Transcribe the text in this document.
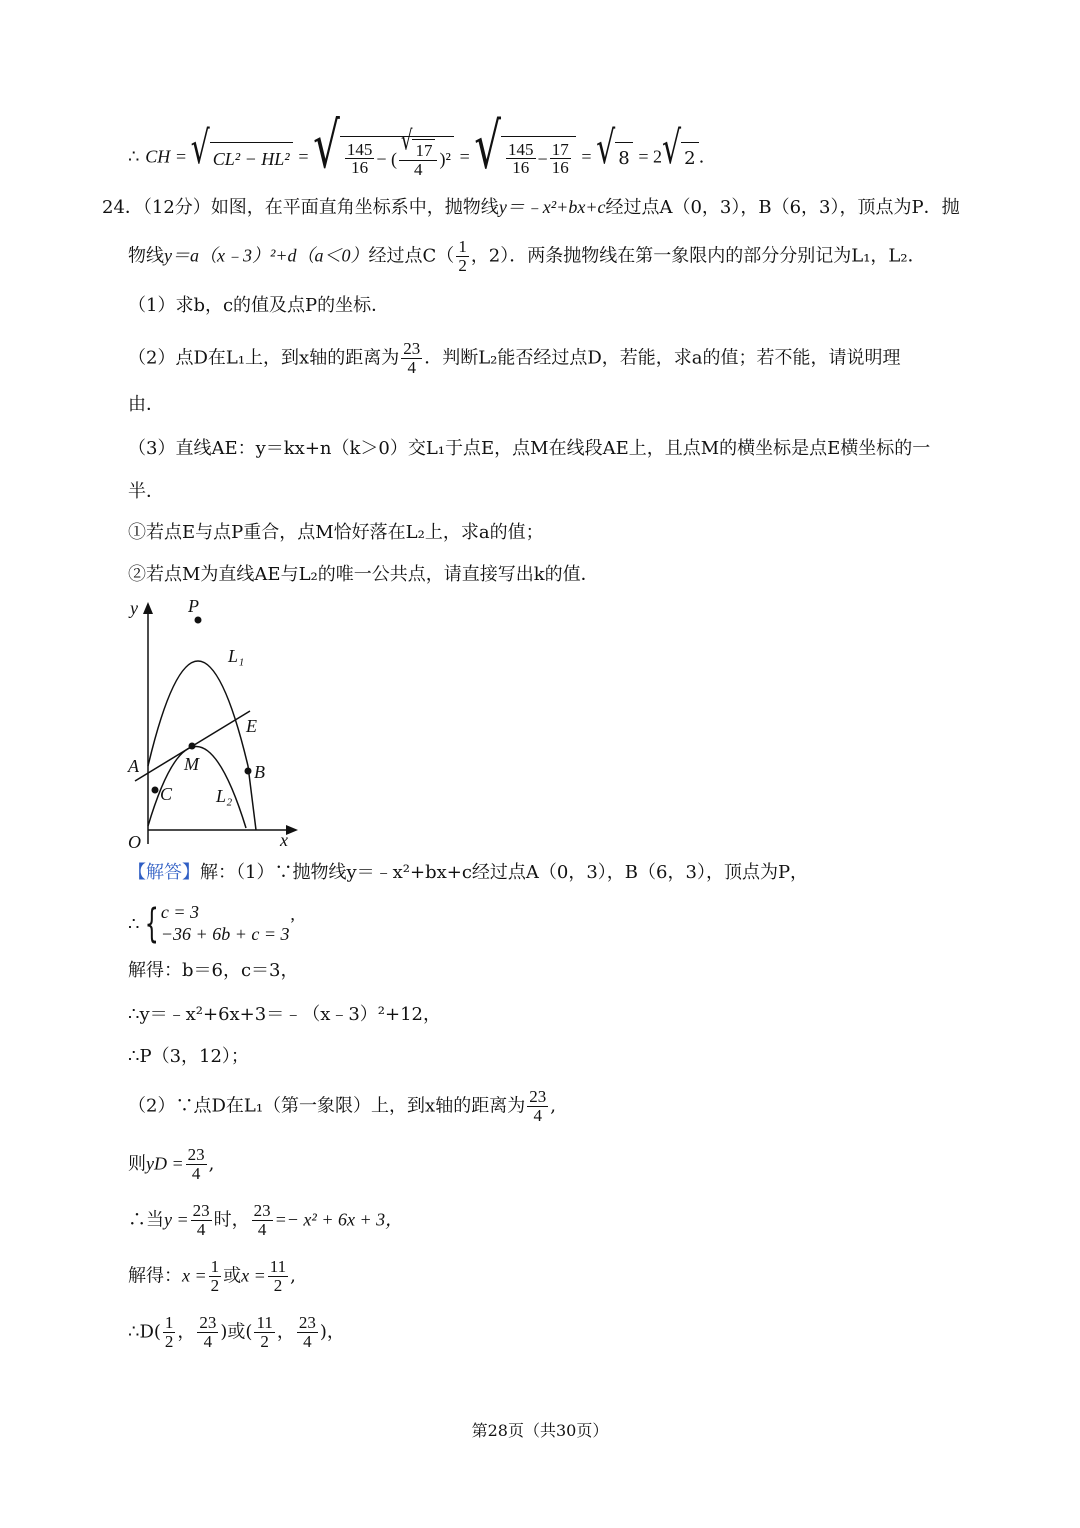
∴ CH = √ CL² − HL² = √ $\frac{145}{16}$ − ( $\frac{√ 17}{4} )^2$ = √ $\frac{145}{16} - \frac{17}{16}$ = √ 8 = 2 √ 2 .
24．（12分）如图，在平面直角坐标系中，抛物线y＝﹣x²+bx+c经过点A（0，3），B（6，3），顶点为P．抛
物线y＝a（x﹣3）²+d（a＜0）经过点$C( \frac{1}{2}$ ，2）．两条抛物线在第一象限内的部分分别记为L₁，L₂．
（1）求b，c的值及点P的坐标．
（2）点D在L₁上，到x轴的距离为 $\frac{23}{4}$ ．判断L₂能否经过点D，若能，求a的值；若不能，请说明理
由．
（3）直线AE：y＝kx+n（k＞0）交L₁于点E，点M在线段AE上，且点M的横坐标是点E横坐标的一
半．
①若点E与点P重合，点M恰好落在L₂上，求a的值；
②若点M为直线AE与L₂的唯一公共点，请直接写出k的值．
y
x
O
P
L₁
E
A	M	B
C L₂
【解答】解：（1）∵抛物线y＝﹣x²+bx+c经过点A（0，3），B（6，3），顶点为P，
∴ { c = 3
−36 + 6b + c = 3 ’
解得：b＝6，c＝3，
∴y＝﹣x²+6x+3＝﹣（x﹣3）²+12，
∴P（3，12）；
（2）∵点D在L₁（第一象限）上，到x轴的距离为 $\frac{23}{4}$ ,
则yD = $\frac{23}{4}$ ,
∴当$y = \frac{23}{4}$ 时， $\frac{23}{4} =- x^2 + 6x + 3$，
解得：$x = \frac{1}{2}$ 或$x = \frac{11}{2}$ ,
∴D( $\frac{1}{2}$ ， $\frac{23}{4}$ )或( $\frac{11}{2}$ ， $\frac{23}{4}$ )，
第28页（共30页）
